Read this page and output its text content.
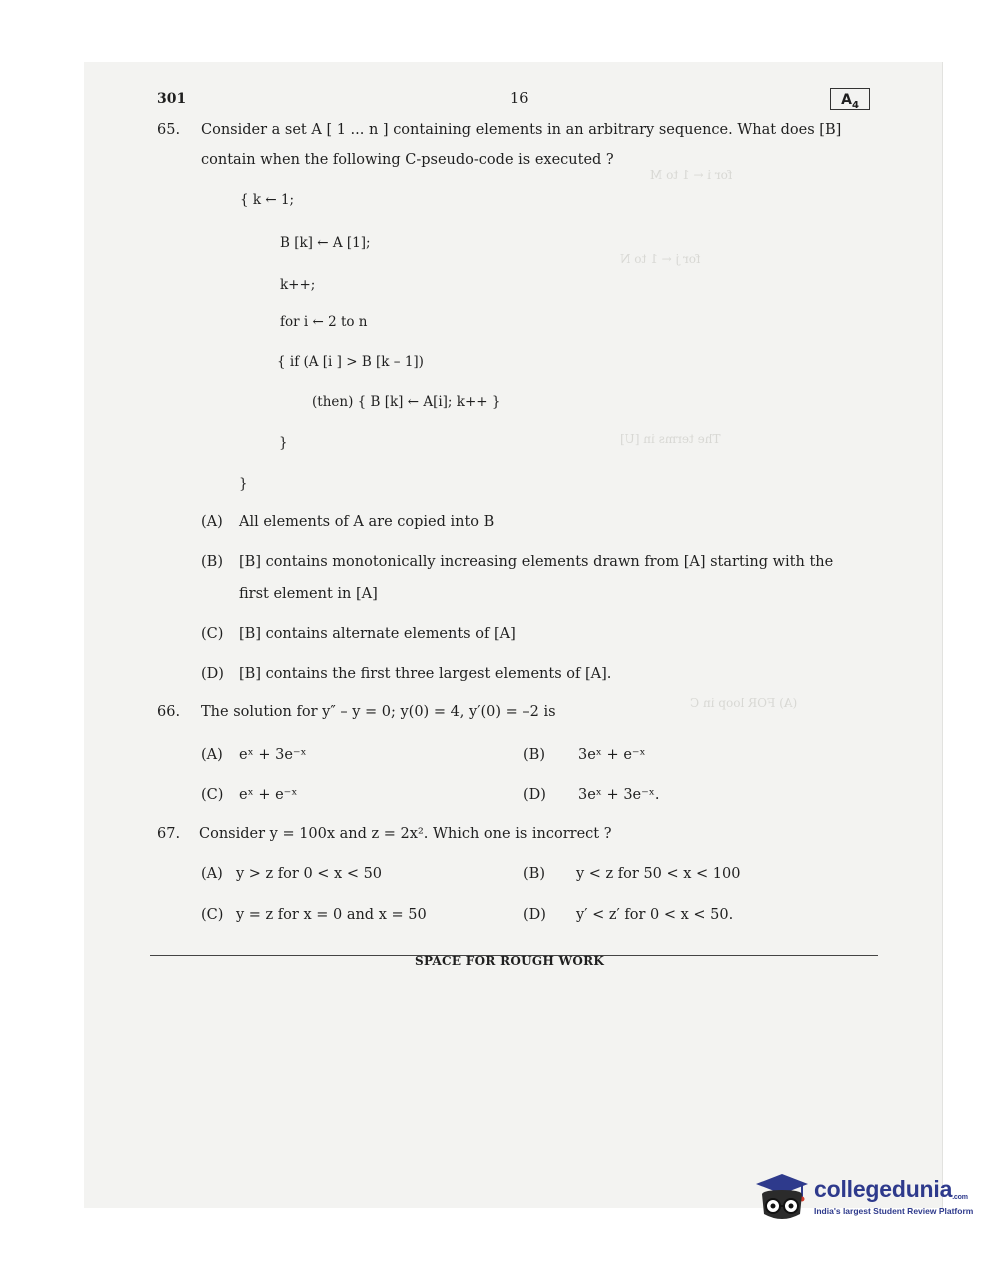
for i ← 1 to M
for j ← 1 to N
The terms in [U]
(A) FOR loop in C
301	16	$A_4$
65. Consider a set A [ 1 ... n ] containing elements in an arbitrary sequence. What does [B]
contain when the following C-pseudo-code is executed ?
{ k ← 1;
B [k] ← A [1];
k++;
for i ← 2 to n
{ if (A [i ] > B [k – 1])
(then) { B [k] ← A[i]; k++ }
}
}
(A) All elements of A are copied into B
(B) [B] contains monotonically increasing elements drawn from [A] starting with the
first element in [A]
(C) [B] contains alternate elements of [A]
(D) [B] contains the first three largest elements of [A].
66. The solution for y″ – y = 0; y(0) = 4, y′(0) = –2 is
(A) eˣ + 3e⁻ˣ	(B) 3eˣ + e⁻ˣ
(C) eˣ + e⁻ˣ	(D) 3eˣ + 3e⁻ˣ.
67. Consider y = 100x and z = 2x². Which one is incorrect ?
(A) y > z for 0 < x < 50	(B) y < z for 50 < x < 100
(C) y = z for x = 0 and x = 50	(D) y′ < z′ for 0 < x < 50.
SPACE FOR ROUGH WORK
collegedunia.com
India's largest Student Review Platform
